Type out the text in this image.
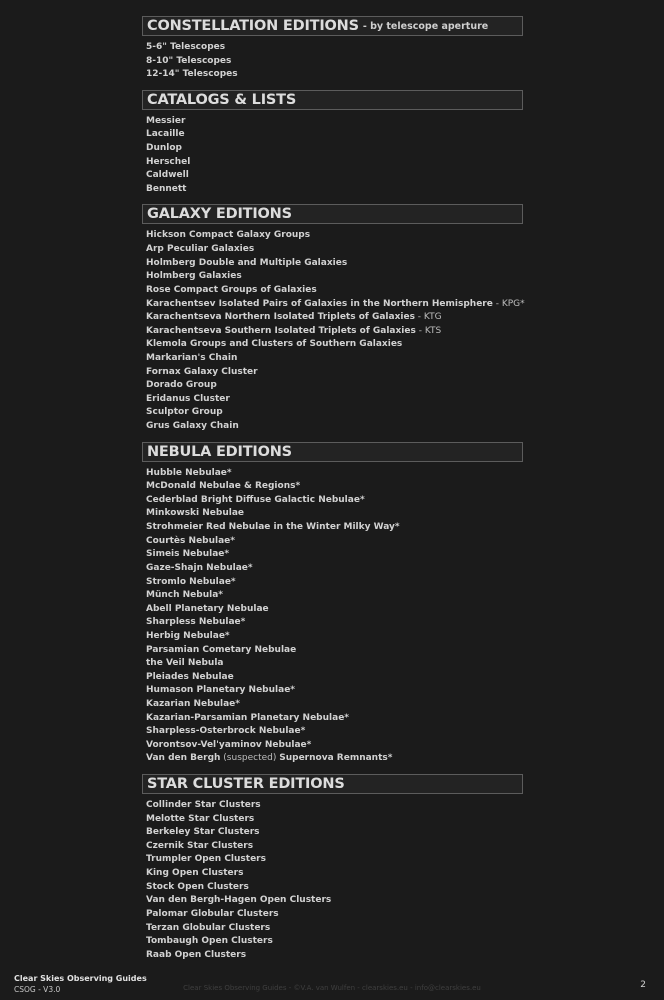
CONSTELLATION EDITIONS - by telescope aperture
5-6" Telescopes
8-10" Telescopes
12-14" Telescopes
CATALOGS & LISTS
Messier
Lacaille
Dunlop
Herschel
Caldwell
Bennett
GALAXY EDITIONS
Hickson Compact Galaxy Groups
Arp Peculiar Galaxies
Holmberg Double and Multiple Galaxies
Holmberg Galaxies
Rose Compact Groups of Galaxies
Karachentsev Isolated Pairs of Galaxies in the Northern Hemisphere - KPG*
Karachentseva Northern Isolated Triplets of Galaxies - KTG
Karachentseva Southern Isolated Triplets of Galaxies - KTS
Klemola Groups and Clusters of Southern Galaxies
Markarian's Chain
Fornax Galaxy Cluster
Dorado Group
Eridanus Cluster
Sculptor Group
Grus Galaxy Chain
NEBULA EDITIONS
Hubble Nebulae*
McDonald Nebulae & Regions*
Cederblad Bright Diffuse Galactic Nebulae*
Minkowski Nebulae
Strohmeier Red Nebulae in the Winter Milky Way*
Courtès Nebulae*
Simeis Nebulae*
Gaze-Shajn Nebulae*
Stromlo Nebulae*
Münch Nebula*
Abell Planetary Nebulae
Sharpless Nebulae*
Herbig Nebulae*
Parsamian Cometary Nebulae
the Veil Nebula
Pleiades Nebulae
Humason Planetary Nebulae*
Kazarian Nebulae*
Kazarian-Parsamian Planetary Nebulae*
Sharpless-Osterbrock Nebulae*
Vorontsov-Vel'yaminov Nebulae*
Van den Bergh (suspected) Supernova Remnants*
STAR CLUSTER EDITIONS
Collinder Star Clusters
Melotte Star Clusters
Berkeley Star Clusters
Czernik Star Clusters
Trumpler Open Clusters
King Open Clusters
Stock Open Clusters
Van den Bergh-Hagen Open Clusters
Palomar Globular Clusters
Terzan Globular Clusters
Tombaugh Open Clusters
Raab Open Clusters
Clear Skies Observing Guides
CSOG - V3.0	Clear Skies Observing Guides - ©V.A. van Wulfen - clearskies.eu - info@clearskies.eu	2
